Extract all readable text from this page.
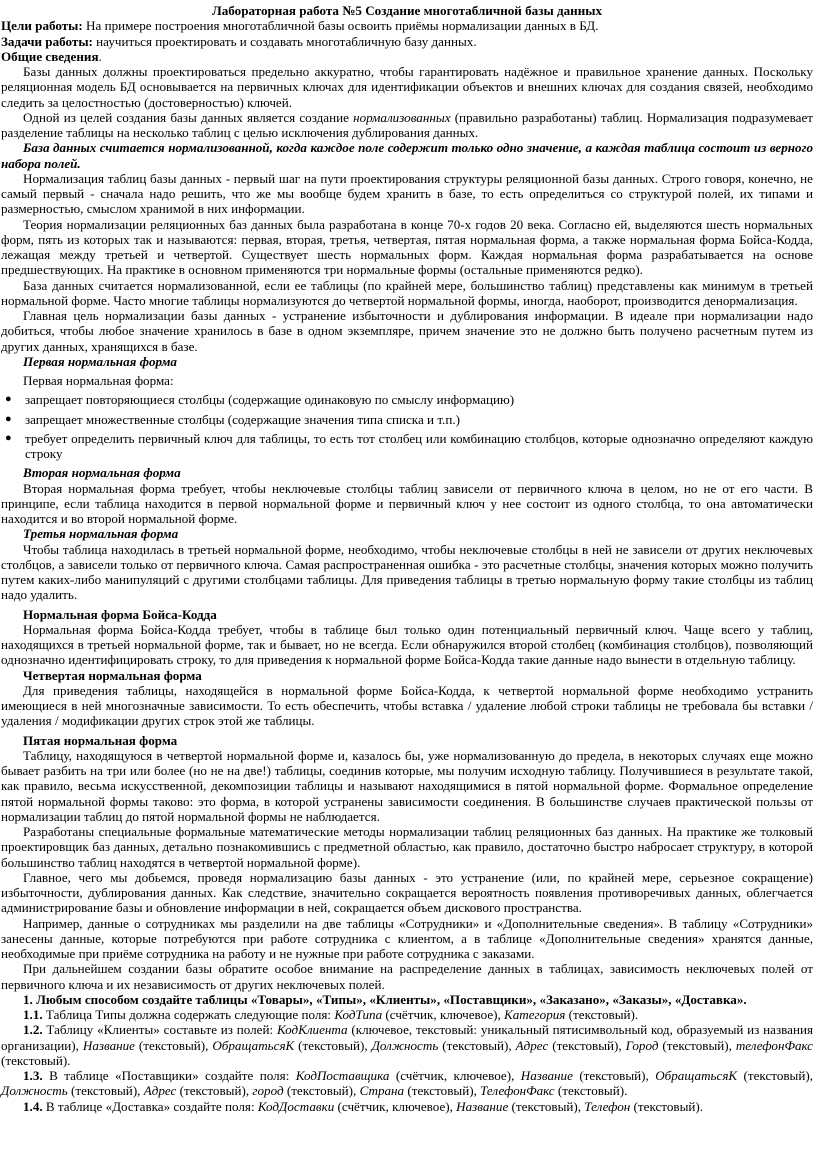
Лабораторная работа №5 Создание многотабличной базы данных

Цели работы: На примере построения многотабличной базы освоить приёмы нормализации данных в БД.

Задачи работы: научиться проектировать и создавать многотабличную базу данных.

Общие сведения.

Базы данных должны проектироваться предельно аккуратно, чтобы гарантировать надёжное и правильное хранение данных. Поскольку реляционная модель БД основывается на первичных ключах для идентификации объектов и внешних ключах для создания связей, необходимо следить за целостностью (достоверностью) ключей.

Одной из целей создания базы данных является создание нормализованных (правильно разработаны) таблиц. Нормализация подразумевает разделение таблицы на несколько таблиц с целью исключения дублирования данных.

База данных считается нормализованной, когда каждое поле содержит только одно значение, а каждая таблица состоит из верного набора полей.

Нормализация таблиц базы данных - первый шаг на пути проектирования структуры реляционной базы данных. Строго говоря, конечно, не самый первый - сначала надо решить, что же мы вообще будем хранить в базе, то есть определиться со структурой полей, их типами и размерностью, смыслом хранимой в них информации.

Теория нормализации реляционных баз данных была разработана в конце 70-х годов 20 века. Согласно ей, выделяются шесть нормальных форм, пять из которых так и называются: первая, вторая, третья, четвертая, пятая нормальная форма, а также нормальная форма Бойса-Кодда, лежащая между третьей и четвертой. Существует шесть нормальных форм. Каждая нормальная форма разрабатывается на основе предшествующих. На практике в основном применяются три нормальные формы (остальные применяются редко).

База данных считается нормализованной, если ее таблицы (по крайней мере, большинство таблиц) представлены как минимум в третьей нормальной форме. Часто многие таблицы нормализуются до четвертой нормальной формы, иногда, наоборот, производится денормализация.

Главная цель нормализации базы данных - устранение избыточности и дублирования информации. В идеале при нормализации надо добиться, чтобы любое значение хранилось в базе в одном экземпляре, причем значение это не должно быть получено расчетным путем из других данных, хранящихся в базе.

Первая нормальная форма

Первая нормальная форма:

●	запрещает повторяющиеся столбцы (содержащие одинаковую по смыслу информацию)
●	запрещает множественные столбцы (содержащие значения типа списка и т.п.)
●	требует определить первичный ключ для таблицы, то есть тот столбец или комбинацию столбцов, которые однозначно определяют каждую строку

Вторая нормальная форма

Вторая нормальная форма требует, чтобы неключевые столбцы таблиц зависели от первичного ключа в целом, но не от его части. В принципе, если таблица находится в первой нормальной форме и первичный ключ у нее состоит из одного столбца, то она автоматически находится и во второй нормальной форме.

Третья нормальная форма

Чтобы таблица находилась в третьей нормальной форме, необходимо, чтобы неключевые столбцы в ней не зависели от других неключевых столбцов, а зависели только от первичного ключа. Самая распространенная ошибка - это расчетные столбцы, значения которых можно получить путем каких-либо манипуляций с другими столбцами таблицы. Для приведения таблицы в третью нормальную форму такие столбцы из таблиц надо удалить.

Нормальная форма Бойса-Кодда

Нормальная форма Бойса-Кодда требует, чтобы в таблице был только один потенциальный первичный ключ. Чаще всего у таблиц, находящихся в третьей нормальной форме, так и бывает, но не всегда. Если обнаружился второй столбец (комбинация столбцов), позволяющий однозначно идентифицировать строку, то для приведения к нормальной форме Бойса-Кодда такие данные надо вынести в отдельную таблицу.

Четвертая нормальная форма

Для приведения таблицы, находящейся в нормальной форме Бойса-Кодда, к четвертой нормальной форме необходимо устранить имеющиеся в ней многозначные зависимости. То есть обеспечить, чтобы вставка / удаление любой строки таблицы не требовала бы вставки / удаления / модификации других строк этой же таблицы.

Пятая нормальная форма

Таблицу, находящуюся в четвертой нормальной форме и, казалось бы, уже нормализованную до предела, в некоторых случаях еще можно бывает разбить на три или более (но не на две!) таблицы, соединив которые, мы получим исходную таблицу. Получившиеся в результате такой, как правило, весьма искусственной, декомпозиции таблицы и называют находящимися в пятой нормальной форме. Формальное определение пятой нормальной формы таково: это форма, в которой устранены зависимости соединения. В большинстве случаев практической пользы от нормализации таблиц до пятой нормальной формы не наблюдается.

Разработаны специальные формальные математические методы нормализации таблиц реляционных баз данных. На практике же толковый проектировщик баз данных, детально познакомившись с предметной областью, как правило, достаточно быстро набросает структуру, в которой большинство таблиц находятся в четвертой нормальной форме).

Главное, чего мы добьемся, проведя нормализацию базы данных - это устранение (или, по крайней мере, серьезное сокращение) избыточности, дублирования данных. Как следствие, значительно сокращается вероятность появления противоречивых данных, облегчается администрирование базы и обновление информации в ней, сокращается объем дискового пространства.

Например, данные о сотрудниках мы разделили на две таблицы «Сотрудники» и «Дополнительные сведения». В таблицу «Сотрудники» занесены данные, которые потребуются при работе сотрудника с клиентом, а в таблице «Дополнительные сведения» хранятся данные, необходимые при приёме сотрудника на работу и не нужные при работе сотрудника с заказами.

При дальнейшем создании базы обратите особое внимание на распределение данных в таблицах, зависимость неключевых полей от первичного ключа и их независимость от других неключевых полей.

1. Любым способом создайте таблицы «Товары», «Типы», «Клиенты», «Поставщики», «Заказано», «Заказы», «Доставка».

1.1. Таблица Типы должна содержать следующие поля: КодТипа (счётчик, ключевое), Категория (текстовый).

1.2. Таблицу «Клиенты» составьте из полей: КодКлиента (ключевое, текстовый: уникальный пятисимвольный код, образуемый из названия организации), Название (текстовый), ОбращатьсяК (текстовый), Должность (текстовый), Адрес (текстовый), Город (текстовый), телефонФакс (текстовый).

1.3. В таблице «Поставщики» создайте поля: КодПоставщика (счётчик, ключевое), Название (текстовый), ОбращатьсяК (текстовый), Должность (текстовый), Адрес (текстовый), город (текстовый), Страна (текстовый), ТелефонФакс (текстовый).

1.4. В таблице «Доставка» создайте поля: КодДоставки (счётчик, ключевое), Название (текстовый), Телефон (текстовый).
